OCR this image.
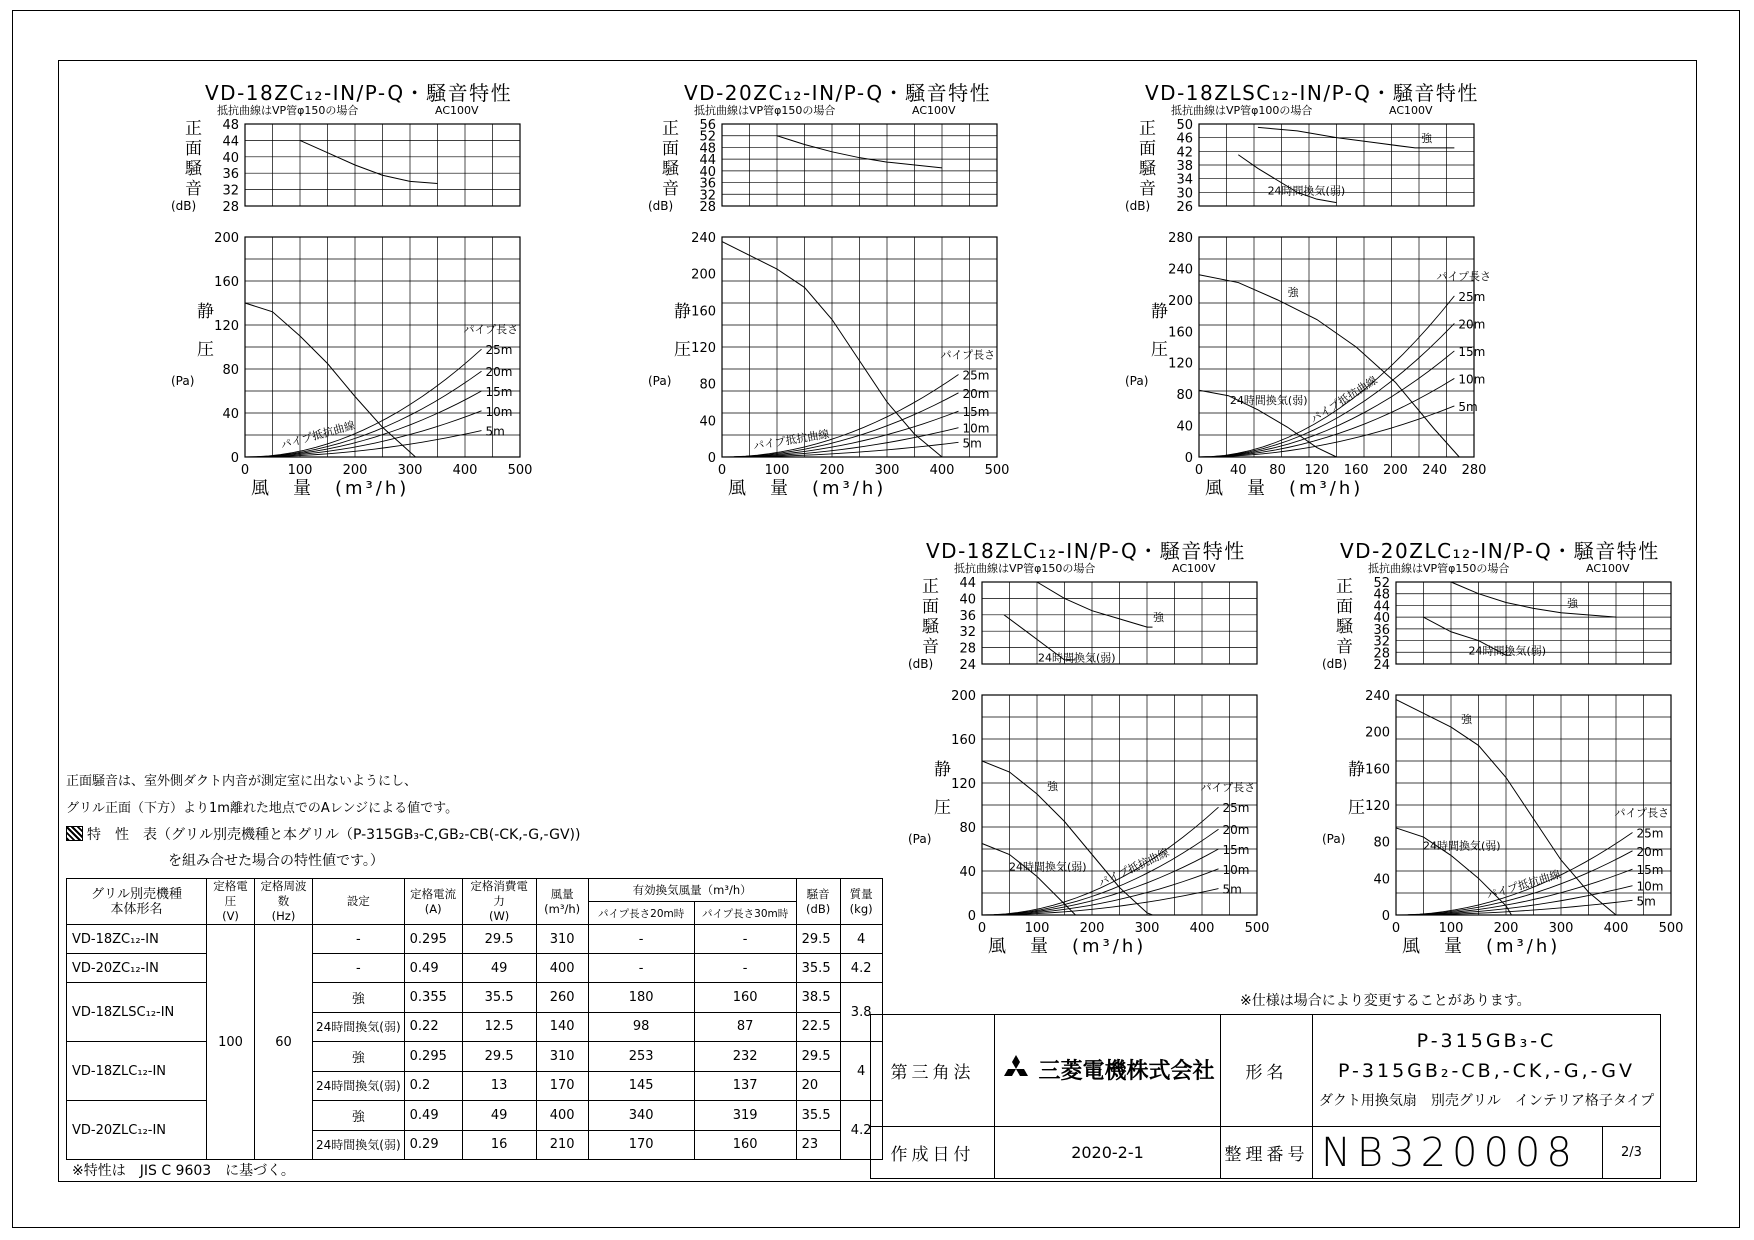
VD-18ZC₁₂-IN/P-Q・騒音特性
抵抗曲線はVP管φ150の場合	AC100V
正
面
騒
音
(dB) 28
32
36
40
44
48
静
圧
(Pa)
0
40
80
120
160
200
0	100 200 300 400 500
風　量　(m³/h)
5m
10m
15m
20m
25m
パイプ長さ
パイプ抵抗曲線
VD-20ZC₁₂-IN/P-Q・騒音特性
抵抗曲線はVP管φ150の場合	AC100V
正
面
騒
音
(dB) 28
32
36
40
44
48
52
56
静
圧
(Pa)
0
40
80
120
160
200
240
0	100 200 300 400 500
風　量　(m³/h)
5m
10m
15m
20m
25m
パイプ長さ
パイプ抵抗曲線
VD-18ZLSC₁₂-IN/P-Q・騒音特性
抵抗曲線はVP管φ100の場合	AC100V
正
面
騒
音
(dB) 26
30
34
38
42
46
50
強
24時間換気(弱)
静
圧
(Pa)
0
40
80
120
160
200
240
280
0 40 80 120 160 200 240 280
風　量　(m³/h)
強
24時間換気(弱)	5m
10m
15m
20m
25m
パイプ長さ
パイプ抵抗曲線
VD-18ZLC₁₂-IN/P-Q・騒音特性
抵抗曲線はVP管φ150の場合	AC100V
正
面
騒
音
(dB) 24
28
32
36
40
44
強
24時間換気(弱)
静
圧
(Pa)
0
40
80
120
160
200
0	100 200 300 400 500
風　量　(m³/h)
強
24時間換気(弱)
5m
10m
15m
20m
25m
パイプ長さ
パイプ抵抗曲線
VD-20ZLC₁₂-IN/P-Q・騒音特性
抵抗曲線はVP管φ150の場合	AC100V
正
面
騒
音
(dB) 24
28
32
36
40
44
48
52
強
24時間換気(弱)
静
圧
(Pa)
0
40
80
120
160
200
240
0	100 200 300 400 500
風　量　(m³/h)
強
24時間換気(弱)
5m
10m
15m
20m
25m
パイプ長さ
パイプ抵抗曲線
正面騒音は、室外側ダクト内音が測定室に出ないようにし、
グリル正面（下方）より1m離れた地点でのAレンジによる値です。
特　性　表（グリル別売機種と本グリル（P-315GB₃-C,GB₂-CB(-CK,-G,-GV))
を組み合せた場合の特性値です。）
グリル別売機種
本体形名	定格電圧
(V)	定格周波数
(Hz)	設定	定格電流
(A)	定格消費電力
(W)	風量
(m³/h)	有効換気風量（m³/h）		騒音
(dB)	質量
(kg)
							パイプ長さ20m時	パイプ長さ30m時		
VD-18ZC₁₂-IN	100	60	-	0.295	29.5	310	-	-	29.5	4
VD-20ZC₁₂-IN			-	0.49	49	400	-	-	35.5	4.2
VD-18ZLSC₁₂-IN			強	0.355	35.5	260	180	160	38.5	3.8
			24時間換気(弱)	0.22	12.5	140	98	87	22.5	
VD-18ZLC₁₂-IN			強	0.295	29.5	310	253	232	29.5	4
			24時間換気(弱)	0.2	13	170	145	137	20	
VD-20ZLC₁₂-IN			強	0.49	49	400	340	319	35.5	4.2
			24時間換気(弱)	0.29	16	210	170	160	23	
※特性は　JIS C 9603　に基づく。
※仕様は場合により変更することがあります。
第三角法	三菱電機株式会社	形名	P-315GB₃-C
P-315GB₂-CB,-CK,-G,-GV
ダクト用換気扇　別売グリル　インテリア格子タイプ	

作成日付	2020-2-1	整理番号	NB320008	2/3
